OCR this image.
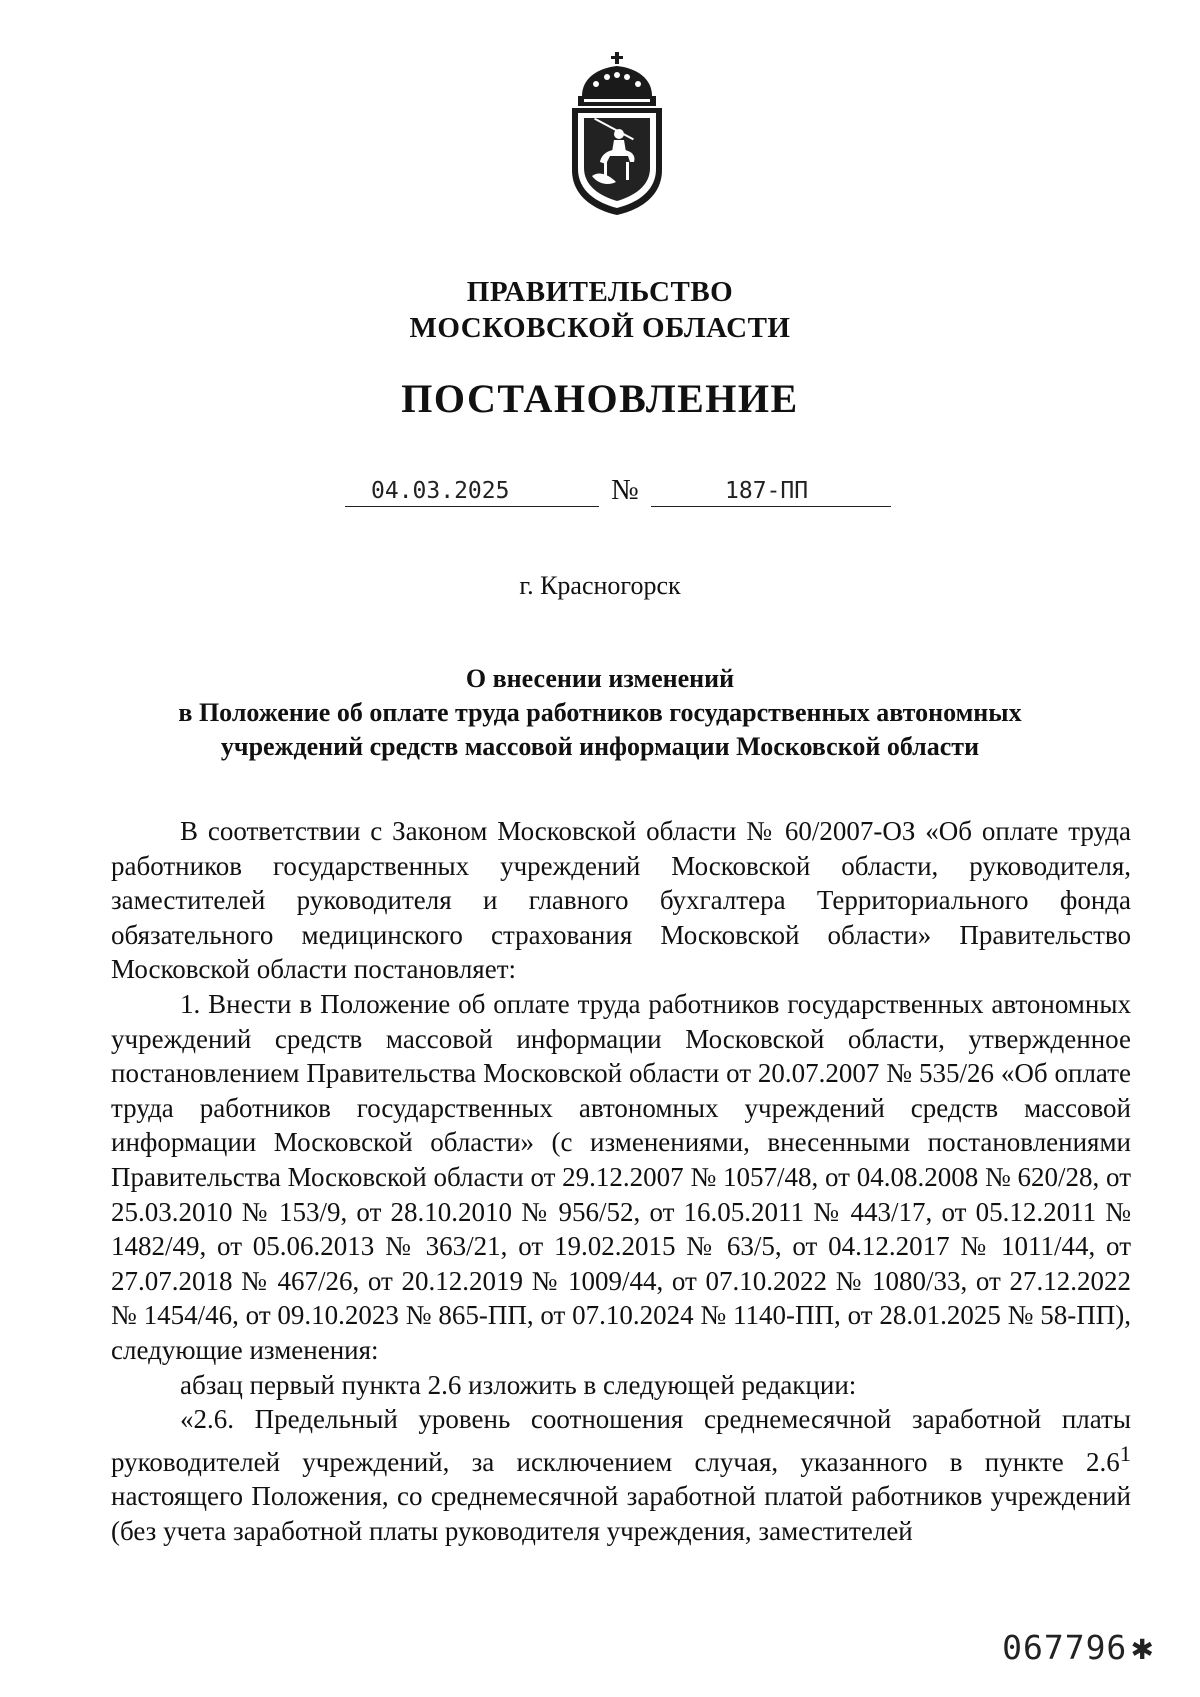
ПРАВИТЕЛЬСТВО
МОСКОВСКОЙ ОБЛАСТИ
ПОСТАНОВЛЕНИЕ
04.03.2025	№	187-ПП
г. Красногорск
О внесении изменений
в Положение об оплате труда работников государственных автономных
учреждений средств массовой информации Московской области

В соответствии с Законом Московской области № 60/2007-ОЗ «Об оплате труда работников государственных учреждений Московской области, руководителя, заместителей руководителя и главного бухгалтера Территориального фонда обязательного медицинского страхования Московской области» Правительство Московской области постановляет:

1. Внести в Положение об оплате труда работников государственных автономных учреждений средств массовой информации Московской области, утвержденное постановлением Правительства Московской области от 20.07.2007 № 535/26 «Об оплате труда работников государственных автономных учреждений средств массовой информации Московской области» (с изменениями, внесенными постановлениями Правительства Московской области от 29.12.2007 № 1057/48, от 04.08.2008 № 620/28, от 25.03.2010 № 153/9, от 28.10.2010 № 956/52, от 16.05.2011 № 443/17, от 05.12.2011 № 1482/49, от 05.06.2013 № 363/21, от 19.02.2015 № 63/5, от 04.12.2017 № 1011/44, от 27.07.2018 № 467/26, от 20.12.2019 № 1009/44, от 07.10.2022 № 1080/33, от 27.12.2022 № 1454/46, от 09.10.2023 № 865-ПП, от 07.10.2024 № 1140-ПП, от 28.01.2025 № 58-ПП), следующие изменения:

абзац первый пункта 2.6 изложить в следующей редакции:

«2.6. Предельный уровень соотношения среднемесячной заработной платы руководителей учреждений, за исключением случая, указанного в пункте $2.6^1$ настоящего Положения, со среднемесячной заработной платой работников учреждений (без учета заработной платы руководителя учреждения, заместителей

067796 ✱
